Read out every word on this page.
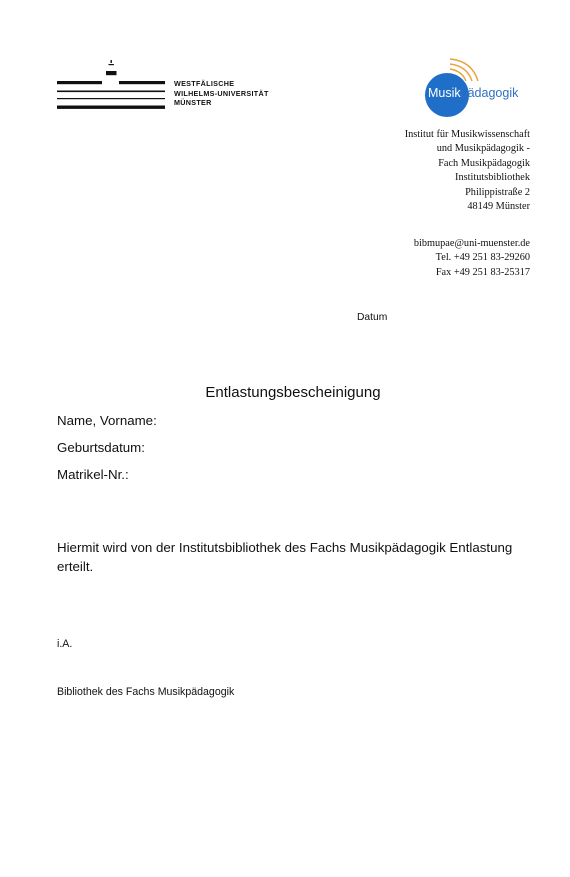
WESTFÄLISCHE
WILHELMS-UNIVERSITÄT
MÜNSTER
Musikpädagogik
Institut für Musikwissenschaft
und Musikpädagogik -
Fach Musikpädagogik
Institutsbibliothek
Philippistraße 2
48149 Münster
bibmupae@uni-muenster.de
Tel. +49 251 83-29260
Fax +49 251 83-25317
Datum
Entlastungsbescheinigung
Name, Vorname:
Geburtsdatum:
Matrikel-Nr.:
Hiermit wird von der Institutsbibliothek des Fachs Musikpädagogik Entlastung erteilt.
i.A.
Bibliothek des Fachs Musikpädagogik
